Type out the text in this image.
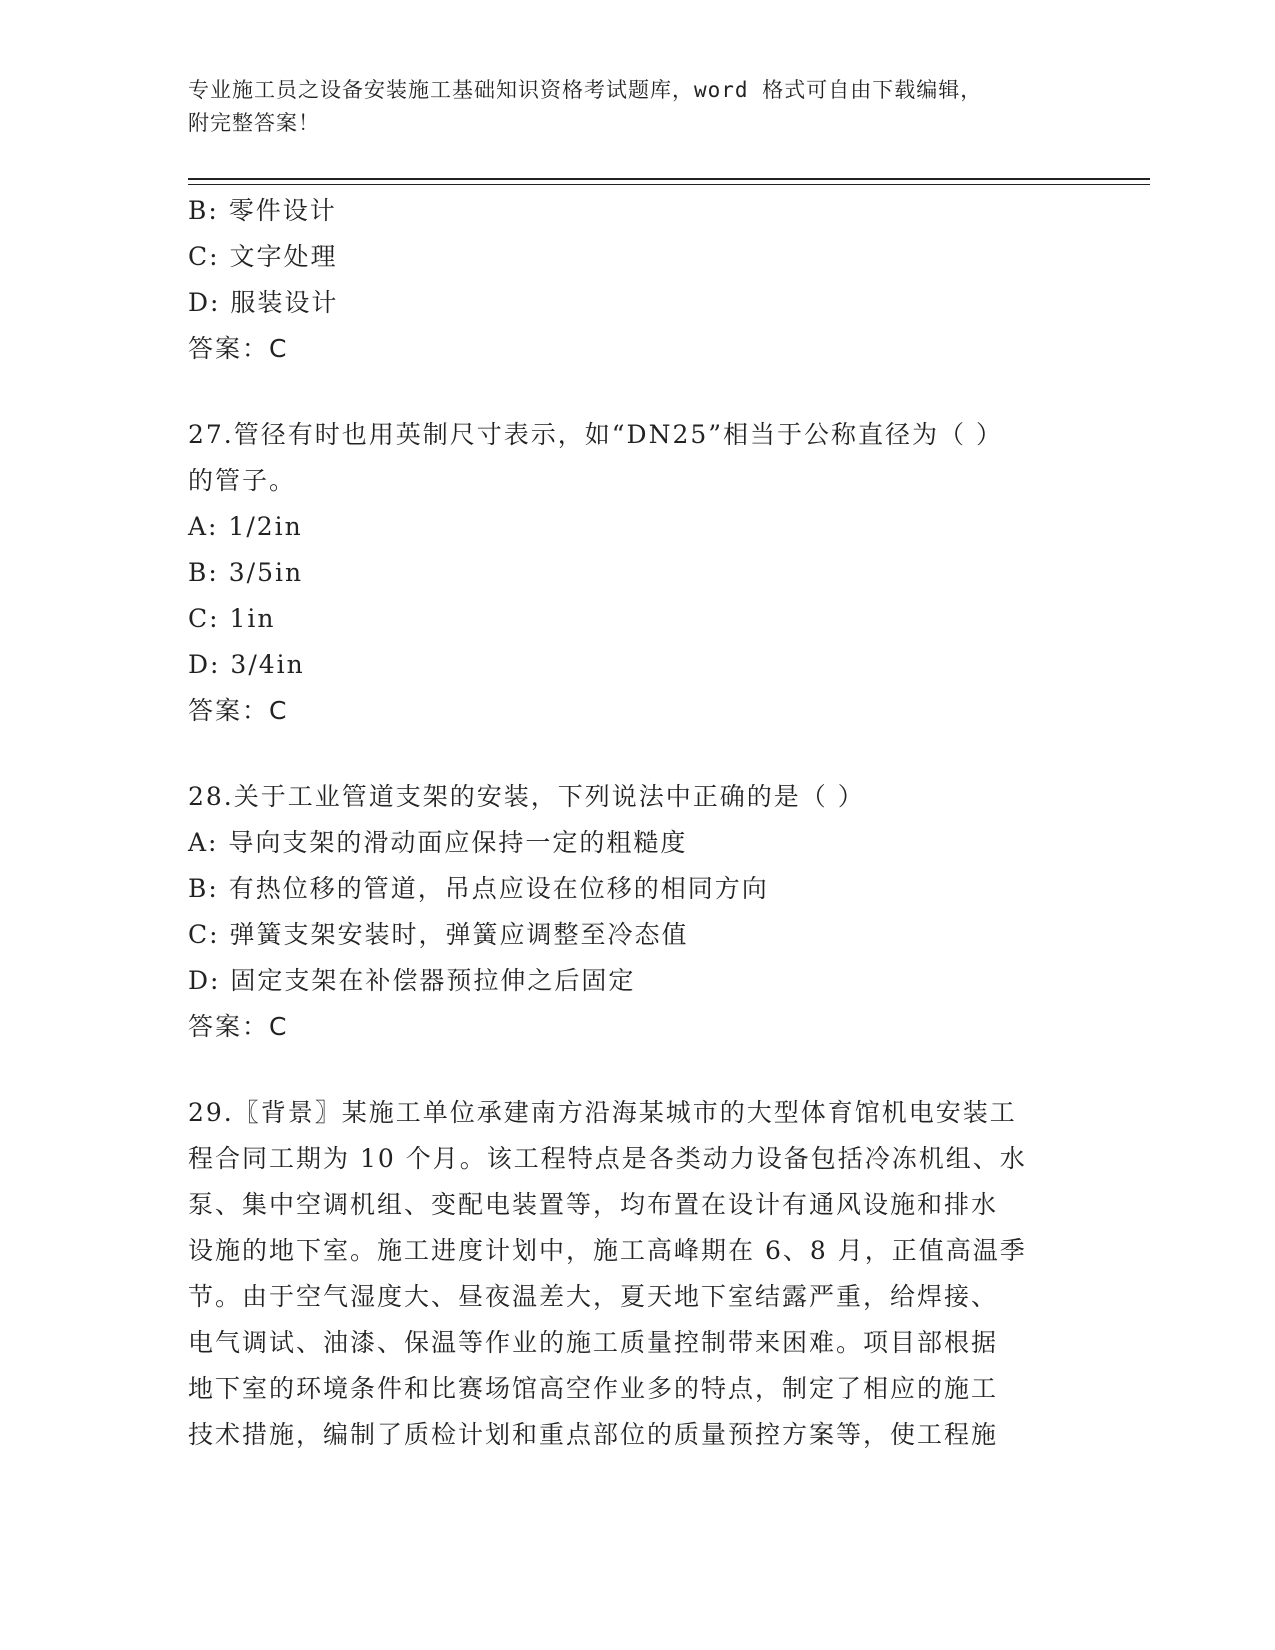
专业施工员之设备安装施工基础知识资格考试题库，word 格式可自由下载编辑，
附完整答案！
B: 零件设计
C: 文字处理
D: 服装设计
答案：C
27.管径有时也用英制尺寸表示，如“DN25”相当于公称直径为（ ）
的管子。
A: 1/2in
B: 3/5in
C: 1in
D: 3/4in
答案：C
28.关于工业管道支架的安装，下列说法中正确的是（ ）
A: 导向支架的滑动面应保持一定的粗糙度
B: 有热位移的管道，吊点应设在位移的相同方向
C: 弹簧支架安装时，弹簧应调整至冷态值
D: 固定支架在补偿器预拉伸之后固定
答案：C
29.〖背景〗某施工单位承建南方沿海某城市的大型体育馆机电安装工
程合同工期为 10 个月。该工程特点是各类动力设备包括冷冻机组、水
泵、集中空调机组、变配电装置等，均布置在设计有通风设施和排水
设施的地下室。施工进度计划中，施工高峰期在 6、8 月，正值高温季
节。由于空气湿度大、昼夜温差大，夏天地下室结露严重，给焊接、
电气调试、油漆、保温等作业的施工质量控制带来困难。项目部根据
地下室的环境条件和比赛场馆高空作业多的特点，制定了相应的施工
技术措施，编制了质检计划和重点部位的质量预控方案等，使工程施
